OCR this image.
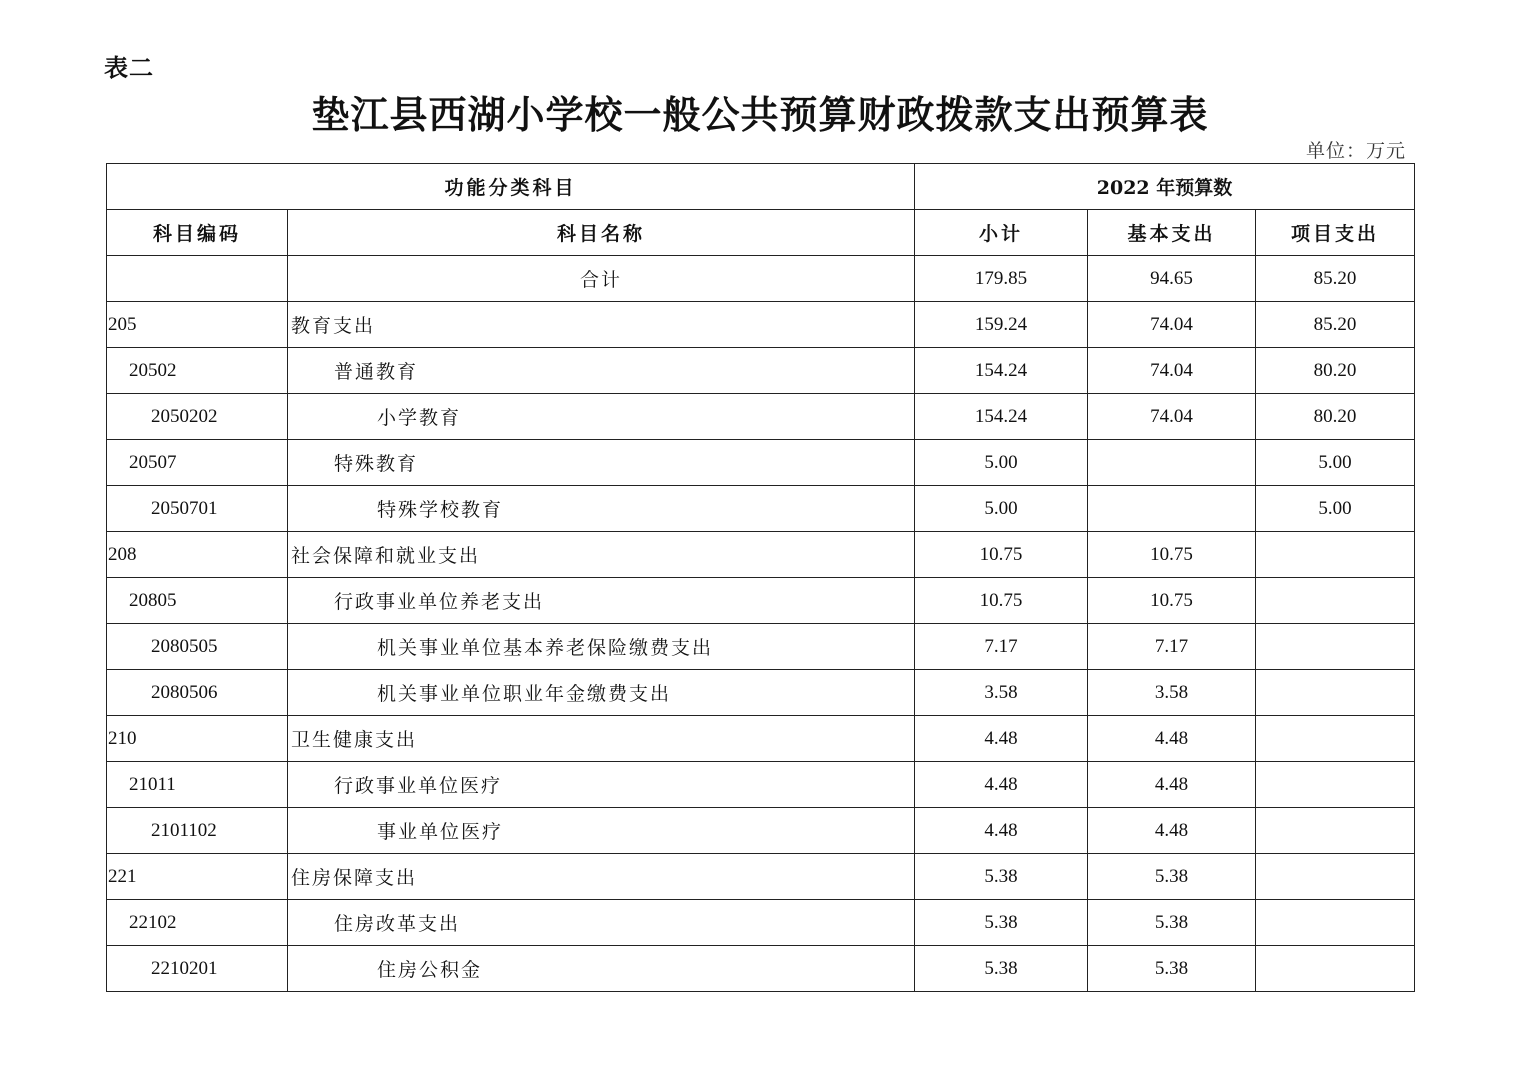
表二
垫江县西湖小学校一般公共预算财政拨款支出预算表
单位：万元
功能分类科目		2022 年预算数		
科目编码	科目名称	小计	基本支出	项目支出
	合计	179.85	94.65	85.20
205	教育支出	159.24	74.04	85.20
20502	普通教育	154.24	74.04	80.20
2050202	小学教育	154.24	74.04	80.20
20507	特殊教育	5.00		5.00
2050701	特殊学校教育	5.00		5.00
208	社会保障和就业支出	10.75	10.75	
20805	行政事业单位养老支出	10.75	10.75	
2080505	机关事业单位基本养老保险缴费支出	7.17	7.17	
2080506	机关事业单位职业年金缴费支出	3.58	3.58	
210	卫生健康支出	4.48	4.48	
21011	行政事业单位医疗	4.48	4.48	
2101102	事业单位医疗	4.48	4.48	
221	住房保障支出	5.38	5.38	
22102	住房改革支出	5.38	5.38	
2210201	住房公积金	5.38	5.38	
